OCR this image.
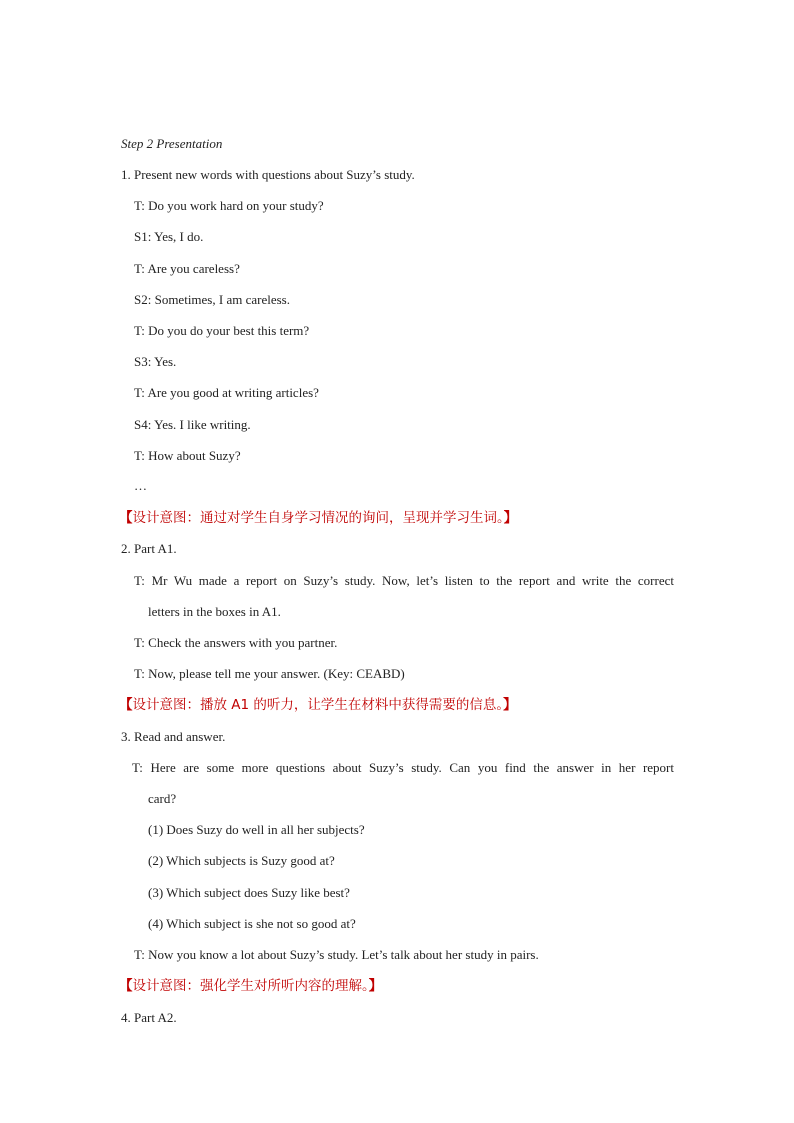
Step 2 Presentation
1. Present new words with questions about Suzy’s study.
T: Do you work hard on your study?
S1: Yes, I do.
T: Are you careless?
S2: Sometimes, I am careless.
T: Do you do your best this term?
S3: Yes.
T: Are you good at writing articles?
S4: Yes. I like writing.
T: How about Suzy?
…
【设计意图：通过对学生自身学习情况的询问，呈现并学习生词。】
2. Part A1.
T: Mr Wu made a report on Suzy’s study. Now, let’s listen to the report and write the correct
letters in the boxes in A1.
T: Check the answers with you partner.
T: Now, please tell me your answer. (Key: CEABD)
【设计意图：播放 A1 的听力，让学生在材料中获得需要的信息。】
3. Read and answer.
T: Here are some more questions about Suzy’s study. Can you find the answer in her report
card?
(1) Does Suzy do well in all her subjects?
(2) Which subjects is Suzy good at?
(3) Which subject does Suzy like best?
(4) Which subject is she not so good at?
T: Now you know a lot about Suzy’s study. Let’s talk about her study in pairs.
【设计意图：强化学生对所听内容的理解。】
4. Part A2.
